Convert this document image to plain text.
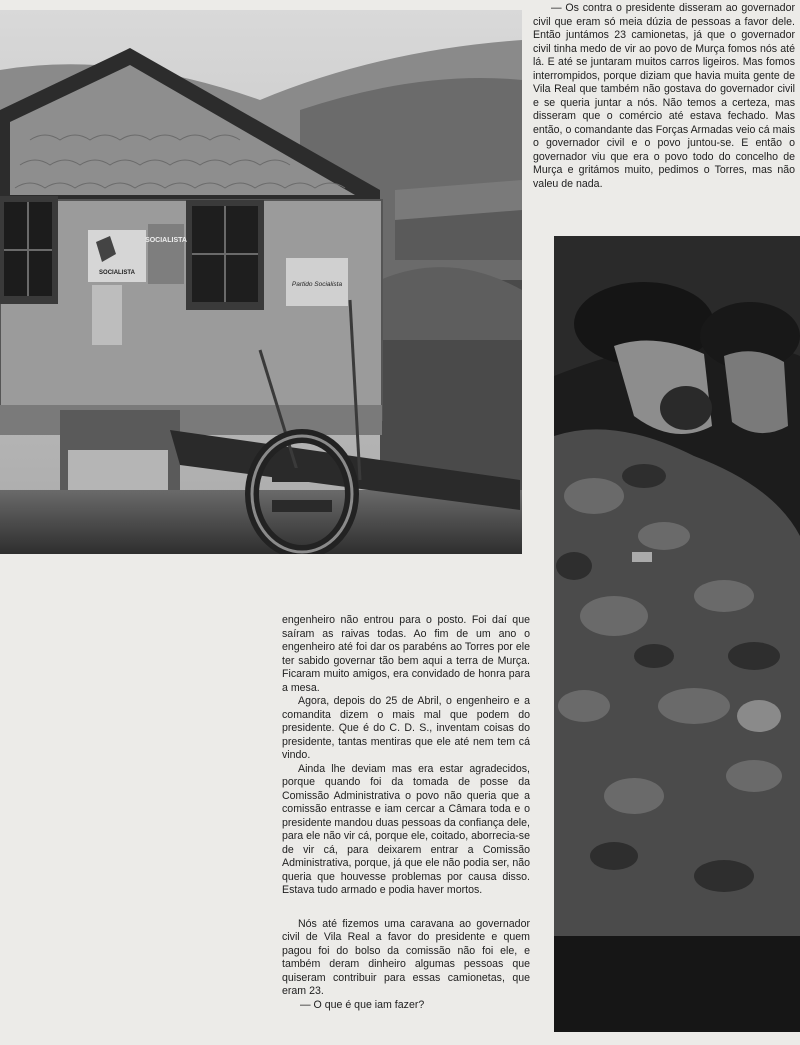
SOCIALISTA
SOCIALISTA
Partido Socialista

— Os contra o presidente disseram ao governador civil que eram só meia dúzia de pessoas a favor dele. Então juntámos 23 camionetas, já que o governador civil tinha medo de vir ao povo de Murça fomos nós até lá. E até se juntaram muitos carros ligeiros. Mas fomos interrompidos, porque diziam que havia muita gente de Vila Real que também não gostava do governador civil e se queria juntar a nós. Não temos a certeza, mas disseram que o comércio até estava fechado. Mas então, o comandante das Forças Armadas veio cá mais o governador civil e o povo juntou-se. E então o governador viu que era o povo todo do concelho de Murça e gritámos muito, pedimos o Torres, mas não valeu de nada.

engenheiro não entrou para o posto. Foi daí que saíram as raivas todas. Ao fim de um ano o engenheiro até foi dar os parabéns ao Torres por ele ter sabido governar tão bem aqui a terra de Murça. Ficaram muito amigos, era convidado de honra para a mesa.

Agora, depois do 25 de Abril, o engenheiro e a comandita dizem o mais mal que podem do presidente. Que é do C. D. S., inventam coisas do presidente, tantas mentiras que ele até nem tem cá vindo.

Ainda lhe deviam mas era estar agradecidos, porque quando foi da tomada de posse da Comissão Administrativa o povo não queria que a comissão entrasse e iam cercar a Câmara toda e o presidente mandou duas pessoas da confiança dele, para ele não vir cá, porque ele, coitado, aborrecia-se de vir cá, para deixarem entrar a Comissão Administrativa, porque, já que ele não podia ser, não queria que houvesse problemas por causa disso. Estava tudo armado e podia haver mortos.

Nós até fizemos uma caravana ao governador civil de Vila Real a favor do presidente e quem pagou foi do bolso da comissão não foi ele, e também deram dinheiro algumas pessoas que quiseram contribuir para essas camionetas, que eram 23.

— O que é que iam fazer?
